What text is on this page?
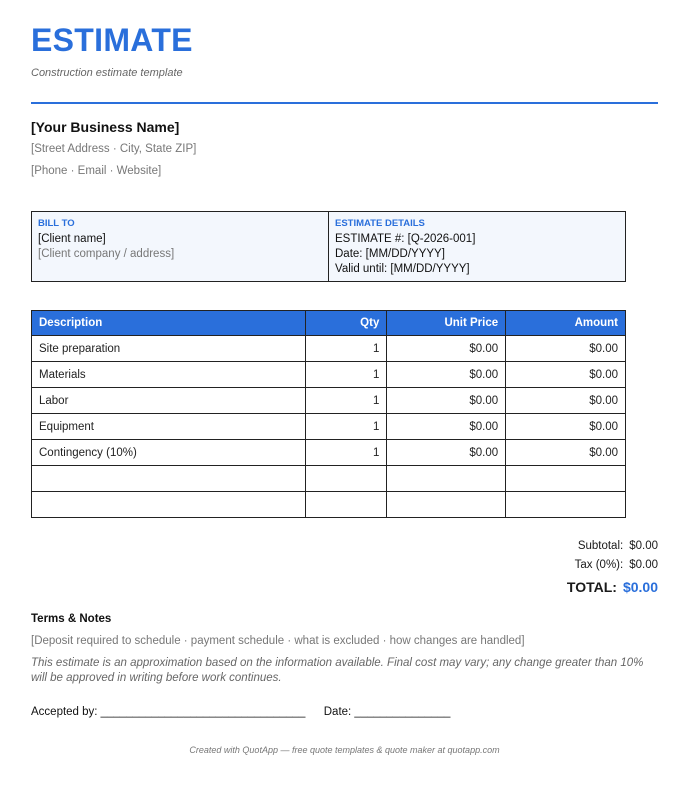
ESTIMATE
Construction estimate template
[Your Business Name]
[Street Address · City, State ZIP]
[Phone · Email · Website]
BILL TO
[Client name]
[Client company / address]
ESTIMATE DETAILS
ESTIMATE #: [Q-2026-001]
Date: [MM/DD/YYYY]
Valid until: [MM/DD/YYYY]
Description	Qty	Unit Price	Amount
Site preparation	1	$0.00	$0.00
Materials	1	$0.00	$0.00
Labor	1	$0.00	$0.00
Equipment	1	$0.00	$0.00
Contingency (10%)	1	$0.00	$0.00

Subtotal: $0.00
Tax (0%): $0.00
TOTAL: $0.00
Terms & Notes
[Deposit required to schedule · payment schedule · what is excluded · how changes are handled]
This estimate is an approximation based on the information available. Final cost may vary; any change greater than 10% will be approved in writing before work continues.
Accepted by: ________________________________ Date: _______________
Created with QuotApp — free quote templates & quote maker at quotapp.com
